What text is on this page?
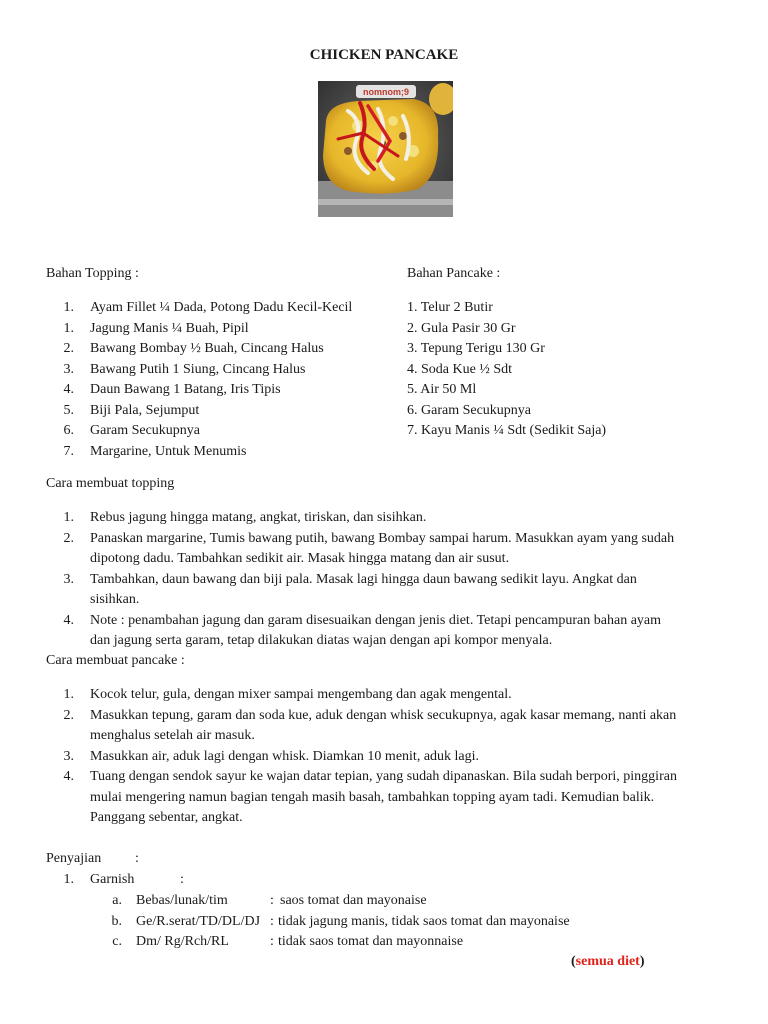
CHICKEN PANCAKE
nomnom;9
Bahan Topping :
1. Ayam Fillet ¼ Dada, Potong Dadu Kecil-Kecil
1. Jagung Manis ¼ Buah, Pipil
2. Bawang Bombay ½ Buah, Cincang Halus
3. Bawang Putih 1 Siung, Cincang Halus
4. Daun Bawang 1 Batang, Iris Tipis
5. Biji Pala, Sejumput
6. Garam Secukupnya
7. Margarine, Untuk Menumis
Bahan Pancake :
1. Telur 2 Butir
2. Gula Pasir 30 Gr
3. Tepung Terigu 130 Gr
4. Soda Kue ½ Sdt
5. Air 50 Ml
6. Garam Secukupnya
7. Kayu Manis ¼ Sdt (Sedikit Saja)
Cara membuat topping
1. Rebus jagung hingga matang, angkat, tiriskan, dan sisihkan.
2. Panaskan margarine, Tumis bawang putih, bawang Bombay sampai harum. Masukkan ayam yang sudah
dipotong dadu. Tambahkan sedikit air. Masak hingga matang dan air susut.
3. Tambahkan, daun bawang dan biji pala. Masak lagi hingga daun bawang sedikit layu. Angkat dan
sisihkan.
4. Note : penambahan jagung dan garam disesuaikan dengan jenis diet. Tetapi pencampuran bahan ayam
dan jagung serta garam, tetap dilakukan diatas wajan dengan api kompor menyala.
Cara membuat pancake :
1. Kocok telur, gula, dengan mixer sampai mengembang dan agak mengental.
2. Masukkan tepung, garam dan soda kue, aduk dengan whisk secukupnya, agak kasar memang, nanti akan
menghalus setelah air masuk.
3. Masukkan air, aduk lagi dengan whisk. Diamkan 10 menit, aduk lagi.
4. Tuang dengan sendok sayur ke wajan datar tepian, yang sudah dipanaskan. Bila sudah berpori, pinggiran
mulai mengering namun bagian tengah masih basah, tambahkan topping ayam tadi. Kemudian balik.
Panggang sebentar, angkat.
Penyajian :
1. Garnish	:
a. Bebas/lunak/tim	: saos tomat dan mayonaise
b. Ge/R.serat/TD/DL/DJ : tidak jagung manis, tidak saos tomat dan mayonaise
c. Dm/ Rg/Rch/RL	: tidak saos tomat dan mayonnaise
(semua diet)
